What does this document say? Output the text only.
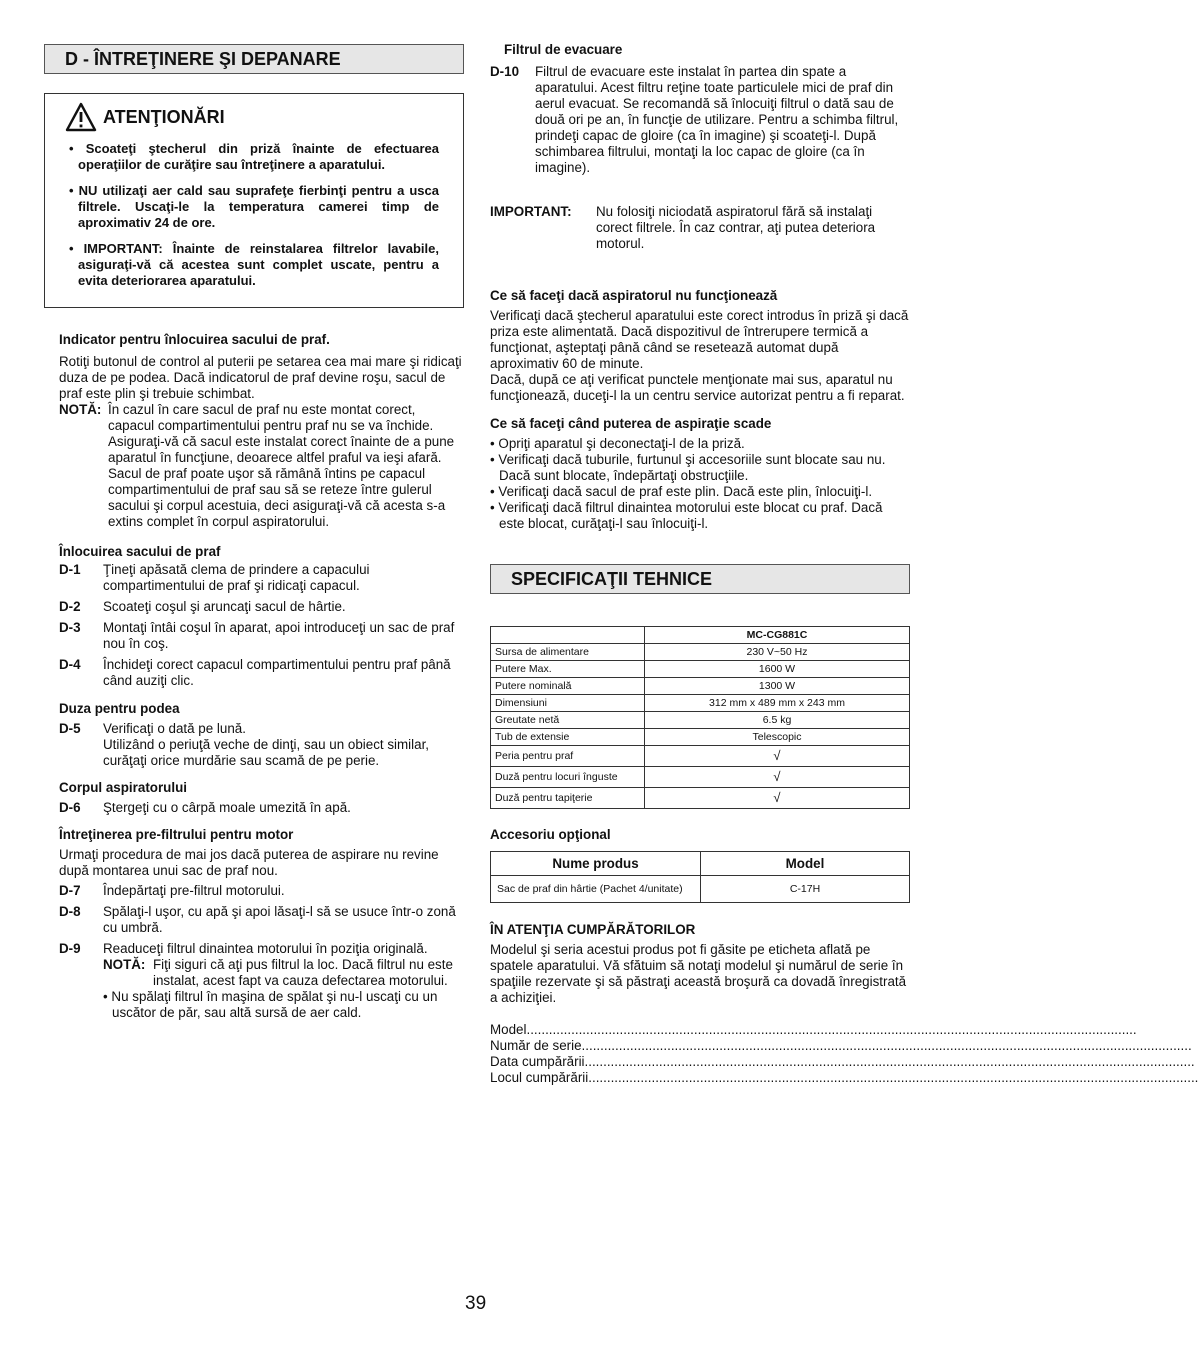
D - ÎNTREŢINERE ŞI DEPANARE
ATENŢIONĂRI
• Scoateţi ştecherul din priză înainte de efectuarea operaţiilor de curăţire sau întreţinere a aparatului.
• NU utilizaţi aer cald sau suprafeţe fierbinţi pentru a usca filtrele. Uscaţi-le la temperatura camerei timp de aproximativ 24 de ore.
• IMPORTANT: Înainte de reinstalarea filtrelor lavabile, asiguraţi-vă că acestea sunt complet uscate, pentru a evita deteriorarea aparatului.
Indicator pentru înlocuirea sacului de praf.
Rotiţi butonul de control al puterii pe setarea cea mai mare şi ridicaţi duza de pe podea. Dacă indicatorul de praf devine roşu, sacul de praf este plin şi trebuie schimbat.
NOTĂ: În cazul în care sacul de praf nu este montat corect, capacul compartimentului pentru praf nu se va închide. Asiguraţi-vă că sacul este instalat corect înainte de a pune aparatul în funcţiune, deoarece altfel praful va ieşi afară.
Sacul de praf poate uşor să rămână întins pe capacul compartimentului de praf sau să se reteze între gulerul sacului şi corpul acestuia, deci asiguraţi-vă că acesta s-a extins complet în corpul aspiratorului.
Înlocuirea sacului de praf
D-1	Ţineţi apăsată clema de prindere a capacului compartimentului de praf şi ridicaţi capacul.
D-2	Scoateţi coşul şi aruncaţi sacul de hârtie.
D-3	Montaţi întâi coşul în aparat, apoi introduceţi un sac de praf nou în coş.
D-4	Închideţi corect capacul compartimentului pentru praf până când auziţi clic.
Duza pentru podea
D-5	Verificaţi o dată pe lună.
Utilizând o periuţă veche de dinţi, sau un obiect similar, curăţaţi orice murdărie sau scamă de pe perie.
Corpul aspiratorului
D-6	Ştergeţi cu o cârpă moale umezită în apă.
Întreţinerea pre-filtrului pentru motor
Urmaţi procedura de mai jos dacă puterea de aspirare nu revine după montarea unui sac de praf nou.
D-7	Îndepărtaţi pre-filtrul motorului.
D-8	Spălaţi-l uşor, cu apă şi apoi lăsaţi-l să se usuce într-o zonă cu umbră.
D-9	Readuceţi filtrul dinaintea motorului în poziţia originală.
NOTĂ: Fiţi siguri că aţi pus filtrul la loc. Dacă filtrul nu este instalat, acest fapt va cauza defectarea motorului.
• Nu spălaţi filtrul în maşina de spălat şi nu-l uscaţi cu un uscător de păr, sau altă sursă de aer cald.
Filtrul de evacuare
D-10	Filtrul de evacuare este instalat în partea din spate a aparatului. Acest filtru reţine toate particulele mici de praf din aerul evacuat. Se recomandă să înlocuiţi filtrul o dată sau de două ori pe an, în funcţie de utilizare. Pentru a schimba filtrul, prindeţi capac de gloire (ca în imagine) şi scoateţi-l. După schimbarea filtrului, montaţi la loc capac de gloire (ca în imagine).
IMPORTANT:	Nu folosiţi niciodată aspiratorul fără să instalaţi corect filtrele. În caz contrar, aţi putea deteriora motorul.
Ce să faceţi dacă aspiratorul nu funcţionează
Verificaţi dacă ştecherul aparatului este corect introdus în priză şi dacă priza este alimentată. Dacă dispozitivul de întrerupere termică a funcţionat, aşteptaţi până când se resetează automat după aproximativ 60 de minute.
Dacă, după ce aţi verificat punctele menţionate mai sus, aparatul nu funcţionează, duceţi-l la un centru service autorizat pentru a fi reparat.
Ce să faceţi când puterea de aspiraţie scade
• Opriţi aparatul şi deconectaţi-l de la priză.
• Verificaţi dacă tuburile, furtunul şi accesoriile sunt blocate sau nu. Dacă sunt blocate, îndepărtaţi obstrucţiile.
• Verificaţi dacă sacul de praf este plin. Dacă este plin, înlocuiţi-l.
• Verificaţi dacă filtrul dinaintea motorului este blocat cu praf. Dacă este blocat, curăţaţi-l sau înlocuiţi-l.
SPECIFICAŢII TEHNICE
	MC-CG881C
Sursa de alimentare	230 V~50 Hz
Putere Max.	1600 W
Putere nominală	1300 W
Dimensiuni	312 mm x 489 mm x 243 mm
Greutate netă	6.5 kg
Tub de extensie	Telescopic
Peria pentru praf	√
Duză pentru locuri înguste	√
Duză pentru tapiţerie	√
Accesoriu opţional
Nume produs	Model
Sac de praf din hârtie (Pachet 4/unitate)	C-17H
ÎN ATENŢIA CUMPĂRĂTORILOR
Modelul şi seria acestui produs pot fi găsite pe eticheta aflată pe spatele aparatului. Vă sfătuim să notaţi modelul şi numărul de serie în spaţiile rezervate şi să păstraţi această broşură ca dovadă înregistrată a achiziţiei.
Model. ...................................................................................................................................................................
Număr de serie. ...................................................................................................................................................................
Data cumpărării. ...................................................................................................................................................................
Locul cumpărării. ...................................................................................................................................................................
39
